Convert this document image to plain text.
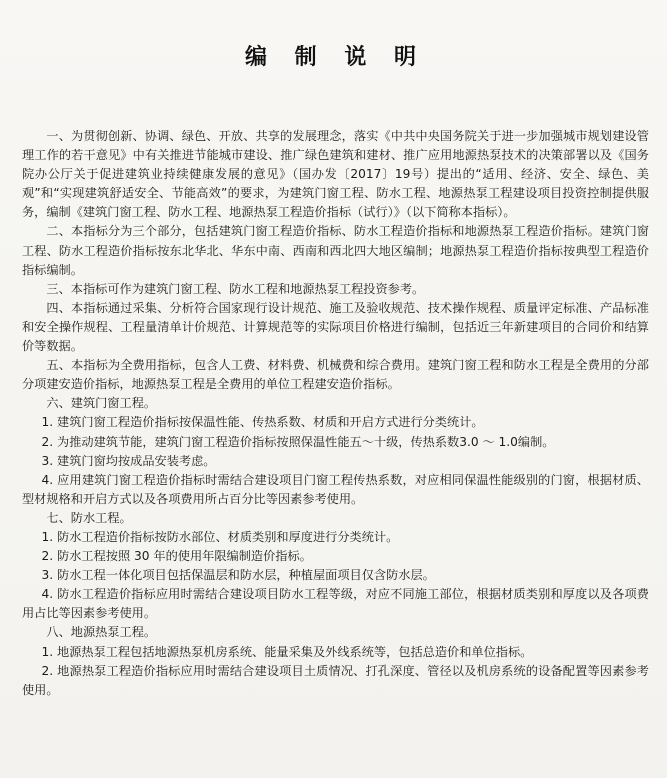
编 制 说 明

一、为贯彻创新、协调、绿色、开放、共享的发展理念，落实《中共中央国务院关于进一步加强城市规划建设管理工作的若干意见》中有关推进节能城市建设、推广绿色建筑和建材、推广应用地源热泵技术的决策部署以及《国务院办公厅关于促进建筑业持续健康发展的意见》（国办发〔2017〕19号）提出的“适用、经济、安全、绿色、美观”和“实现建筑舒适安全、节能高效”的要求，为建筑门窗工程、防水工程、地源热泵工程建设项目投资控制提供服务，编制《建筑门窗工程、防水工程、地源热泵工程造价指标（试行）》（以下简称本指标）。

二、本指标分为三个部分，包括建筑门窗工程造价指标、防水工程造价指标和地源热泵工程造价指标。建筑门窗工程、防水工程造价指标按东北华北、华东中南、西南和西北四大地区编制；地源热泵工程造价指标按典型工程造价指标编制。

三、本指标可作为建筑门窗工程、防水工程和地源热泵工程投资参考。

四、本指标通过采集、分析符合国家现行设计规范、施工及验收规范、技术操作规程、质量评定标准、产品标准和安全操作规程、工程量清单计价规范、计算规范等的实际项目价格进行编制，包括近三年新建项目的合同价和结算价等数据。

五、本指标为全费用指标，包含人工费、材料费、机械费和综合费用。建筑门窗工程和防水工程是全费用的分部分项建安造价指标，地源热泵工程是全费用的单位工程建安造价指标。

六、建筑门窗工程。

1. 建筑门窗工程造价指标按保温性能、传热系数、材质和开启方式进行分类统计。

2. 为推动建筑节能，建筑门窗工程造价指标按照保温性能五～十级，传热系数3.0 ～ 1.0编制。

3. 建筑门窗均按成品安装考虑。

4. 应用建筑门窗工程造价指标时需结合建设项目门窗工程传热系数，对应相同保温性能级别的门窗，根据材质、型材规格和开启方式以及各项费用所占百分比等因素参考使用。

七、防水工程。

1. 防水工程造价指标按防水部位、材质类别和厚度进行分类统计。

2. 防水工程按照 30 年的使用年限编制造价指标。

3. 防水工程一体化项目包括保温层和防水层，种植屋面项目仅含防水层。

4. 防水工程造价指标应用时需结合建设项目防水工程等级，对应不同施工部位，根据材质类别和厚度以及各项费用占比等因素参考使用。

八、地源热泵工程。

1. 地源热泵工程包括地源热泵机房系统、能量采集及外线系统等，包括总造价和单位指标。

2. 地源热泵工程造价指标应用时需结合建设项目土质情况、打孔深度、管径以及机房系统的设备配置等因素参考使用。
